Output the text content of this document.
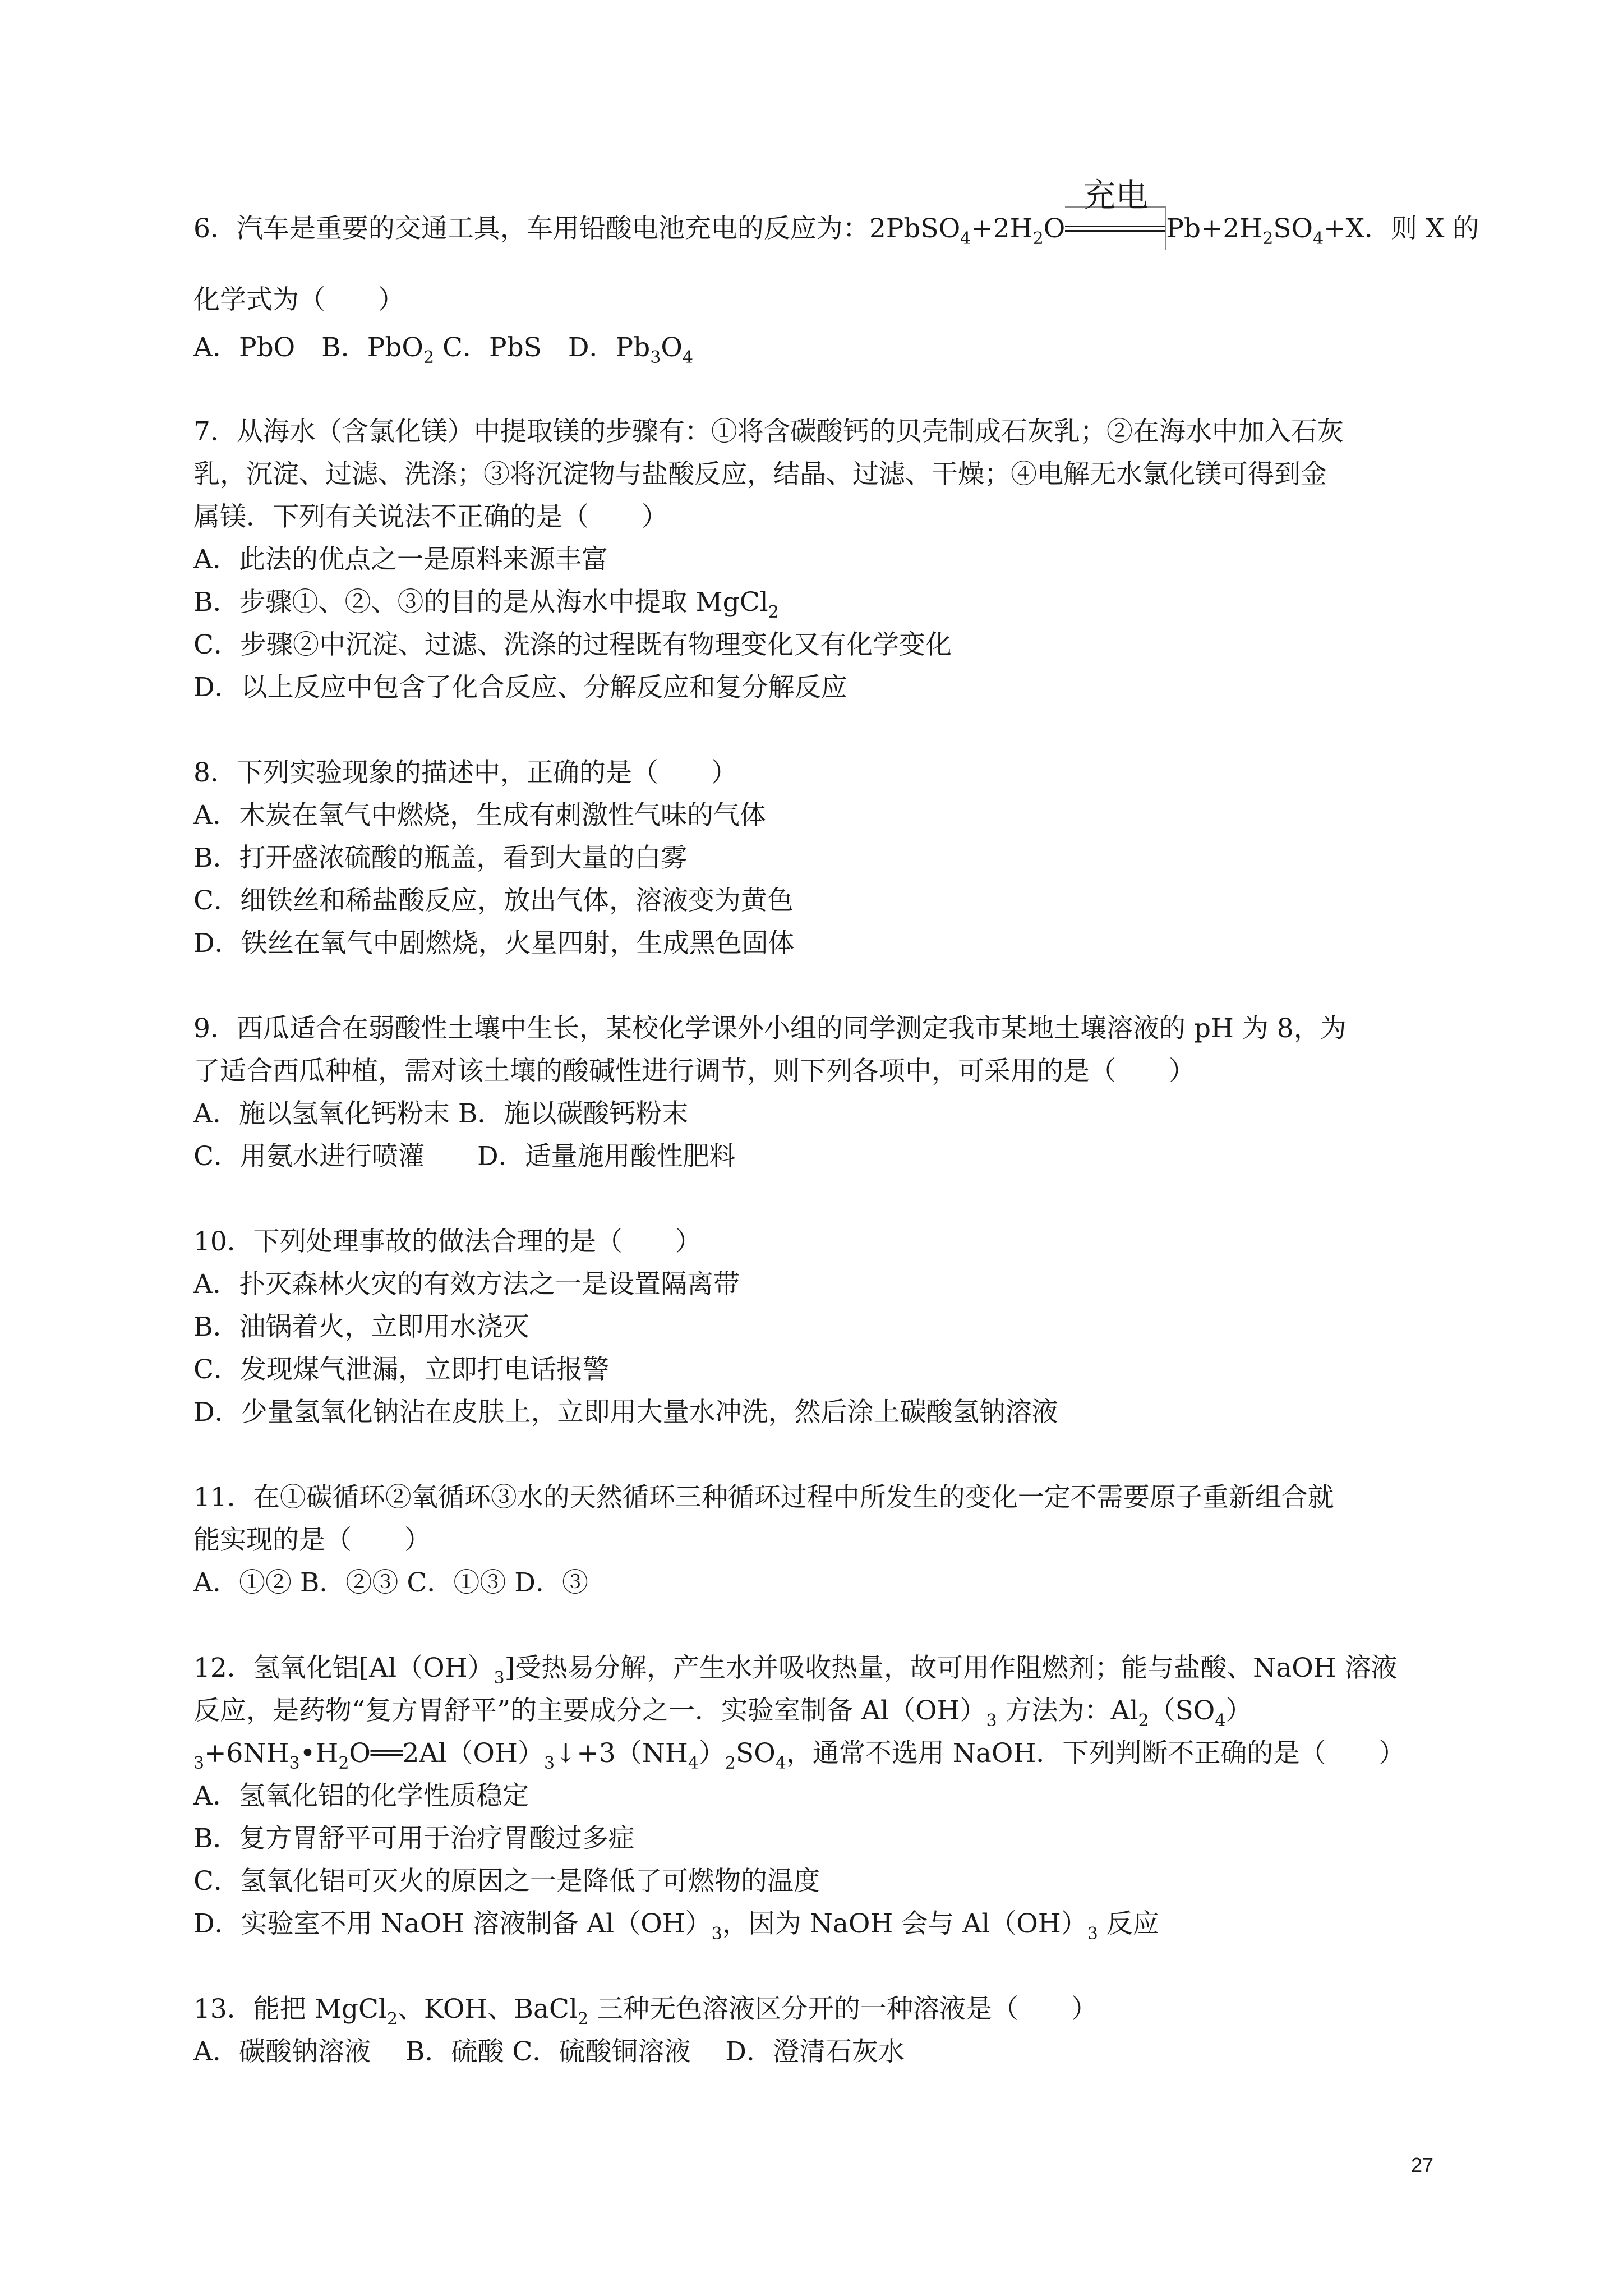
6．汽车是重要的交通工具，车用铅酸电池充电的反应为：$2PbSO_4+2H_2O$
充电
$Pb+2H_2SO_4+X$．则 X 的
化学式为（　　）
A．PbO　B．PbO$_2$ C．PbS　D．$Pb_3O_4$
7．从海水（含氯化镁）中提取镁的步骤有：①将含碳酸钙的贝壳制成石灰乳；②在海水中加入石灰
乳，沉淀、过滤、洗涤；③将沉淀物与盐酸反应，结晶、过滤、干燥；④电解无水氯化镁可得到金
属镁．下列有关说法不正确的是（　　）
A．此法的优点之一是原料来源丰富
B．步骤①、②、③的目的是从海水中提取 MgCl$_2$
C．步骤②中沉淀、过滤、洗涤的过程既有物理变化又有化学变化
D．以上反应中包含了化合反应、分解反应和复分解反应
8．下列实验现象的描述中，正确的是（　　）
A．木炭在氧气中燃烧，生成有刺激性气味的气体
B．打开盛浓硫酸的瓶盖，看到大量的白雾
C．细铁丝和稀盐酸反应，放出气体，溶液变为黄色
D．铁丝在氧气中剧燃烧，火星四射，生成黑色固体
9．西瓜适合在弱酸性土壤中生长，某校化学课外小组的同学测定我市某地土壤溶液的 pH 为 8，为
了适合西瓜种植，需对该土壤的酸碱性进行调节，则下列各项中，可采用的是（　　）
A．施以氢氧化钙粉末 B．施以碳酸钙粉末
C．用氨水进行喷灌　　D．适量施用酸性肥料
10．下列处理事故的做法合理的是（　　）
A．扑灭森林火灾的有效方法之一是设置隔离带
B．油锅着火，立即用水浇灭
C．发现煤气泄漏，立即打电话报警
D．少量氢氧化钠沾在皮肤上，立即用大量水冲洗，然后涂上碳酸氢钠溶液
11．在①碳循环②氧循环③水的天然循环三种循环过程中所发生的变化一定不需要原子重新组合就
能实现的是（　　）
A．①② B．②③ C．①③ D．③
12．氢氧化铝$[Al(OH)_3]$受热易分解，产生水并吸收热量，故可用作阻燃剂；能与盐酸、NaOH 溶液
反应，是药物“复方胃舒平”的主要成分之一．实验室制备 $Al(OH)_3$ 方法为：$Al_2(SO_4)$
$_3+6NH_3•H_2O══2Al(OH)_3↓+3(NH_4)_2SO_4$，通常不选用 NaOH．下列判断不正确的是（　　）
A．氢氧化铝的化学性质稳定
B．复方胃舒平可用于治疗胃酸过多症
C．氢氧化铝可灭火的原因之一是降低了可燃物的温度
D．实验室不用 NaOH 溶液制备 $Al(OH)_3$，因为 NaOH 会与 $Al(OH)_3$ 反应
13．能把 MgCl$_2$、KOH、BaCl$_2$ 三种无色溶液区分开的一种溶液是（　　）
A．碳酸钠溶液　 B．硫酸 C．硫酸铜溶液　 D．澄清石灰水
27
